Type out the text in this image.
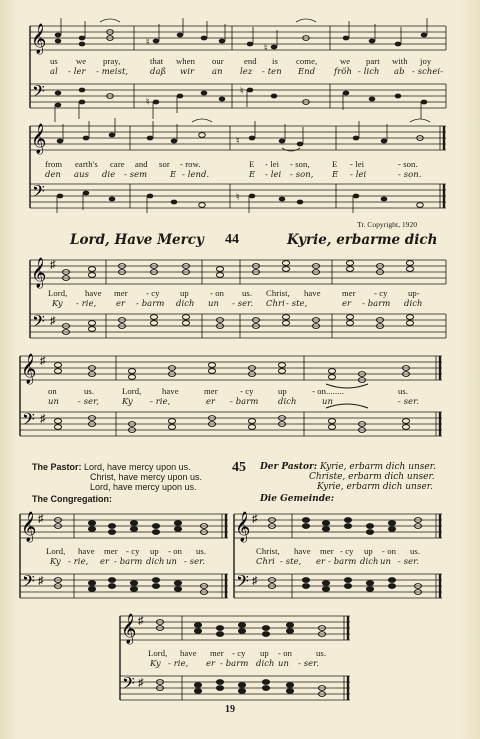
𝄞
𝄢
♮
♮
♮
♮
us we pray,	that when our end is come,	we part with joy
al - ler - meist,	daß wir an lez - ten End fröh - lich ab - schei-
𝄞
𝄢
♮
♮
from earth's care and sor - row.	E - lei - son,	E - lei	- son.
den aus die - sem	E - lend.	E - lei - son, E - lei	- son.
Tr. Copyright, 1920
Lord, Have Mercy 44	Kyrie, erbarme dich
𝄞 ♯
𝄢 ♯
Lord, have mer - cy up - on us. Christ, have mer - cy up-
Ky - rie, er - barm dich un - ser. Chri - ste,	er - barm dich
𝄞 ♯
𝄢 ♯
on	us.	Lord, have	mer	- cy	up	- on........	us.
un - ser,	Ky - rie,	er - barm dich	un	- ser.
The Pastor: Lord, have mercy upon us.
Christ, have mercy upon us.
Lord, have mercy upon us.
The Congregation:
45 Der Pastor: Kyrie, erbarm dich unser.
Christe, erbarm dich unser.
Kyrie, erbarm dich unser.
Die Gemeinde:
𝄞 ♯
𝄢 ♯
Lord, have mer - cy up - on us.
Ky - rie, er - barm dich un - ser.
𝄞 ♯
𝄢 ♯
Christ, have mer - cy up - on us.
Chri - ste, er - barm dich un - ser.
𝄞 ♯
𝄢 ♯
Lord, have mer - cy up - on	us.
Ky - rie, er - barm dich un - ser.
19
